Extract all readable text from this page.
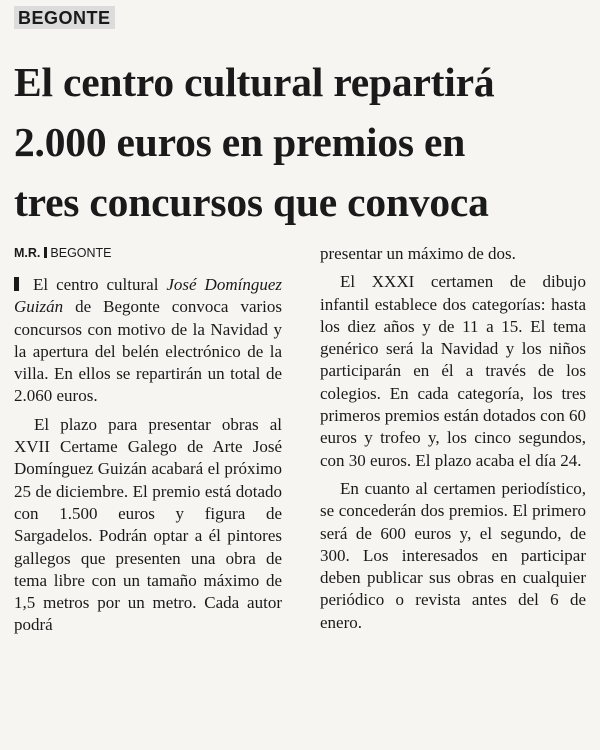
BEGONTE
El centro cultural repartirá
2.000 euros en premios en
tres concursos que convoca
M.R. BEGONTE

El centro cultural José Domínguez Guizán de Begonte convoca varios concursos con motivo de la Navidad y la apertura del belén electrónico de la villa. En ellos se repartirán un total de 2.060 euros.

El plazo para presentar obras al XVII Certame Galego de Arte José Domínguez Guizán acabará el próximo 25 de diciembre. El premio está dotado con 1.500 euros y figura de Sargadelos. Podrán optar a él pintores gallegos que presenten una obra de tema libre con un tamaño máximo de 1,5 metros por un metro. Cada autor podrá

presentar un máximo de dos.

El XXXI certamen de dibujo infantil establece dos categorías: hasta los diez años y de 11 a 15. El tema genérico será la Navidad y los niños participarán en él a través de los colegios. En cada categoría, los tres primeros premios están dotados con 60 euros y trofeo y, los cinco segundos, con 30 euros. El plazo acaba el día 24.

En cuanto al certamen periodístico, se concederán dos premios. El primero será de 600 euros y, el segundo, de 300. Los interesados en participar deben publicar sus obras en cualquier periódico o revista antes del 6 de enero.
